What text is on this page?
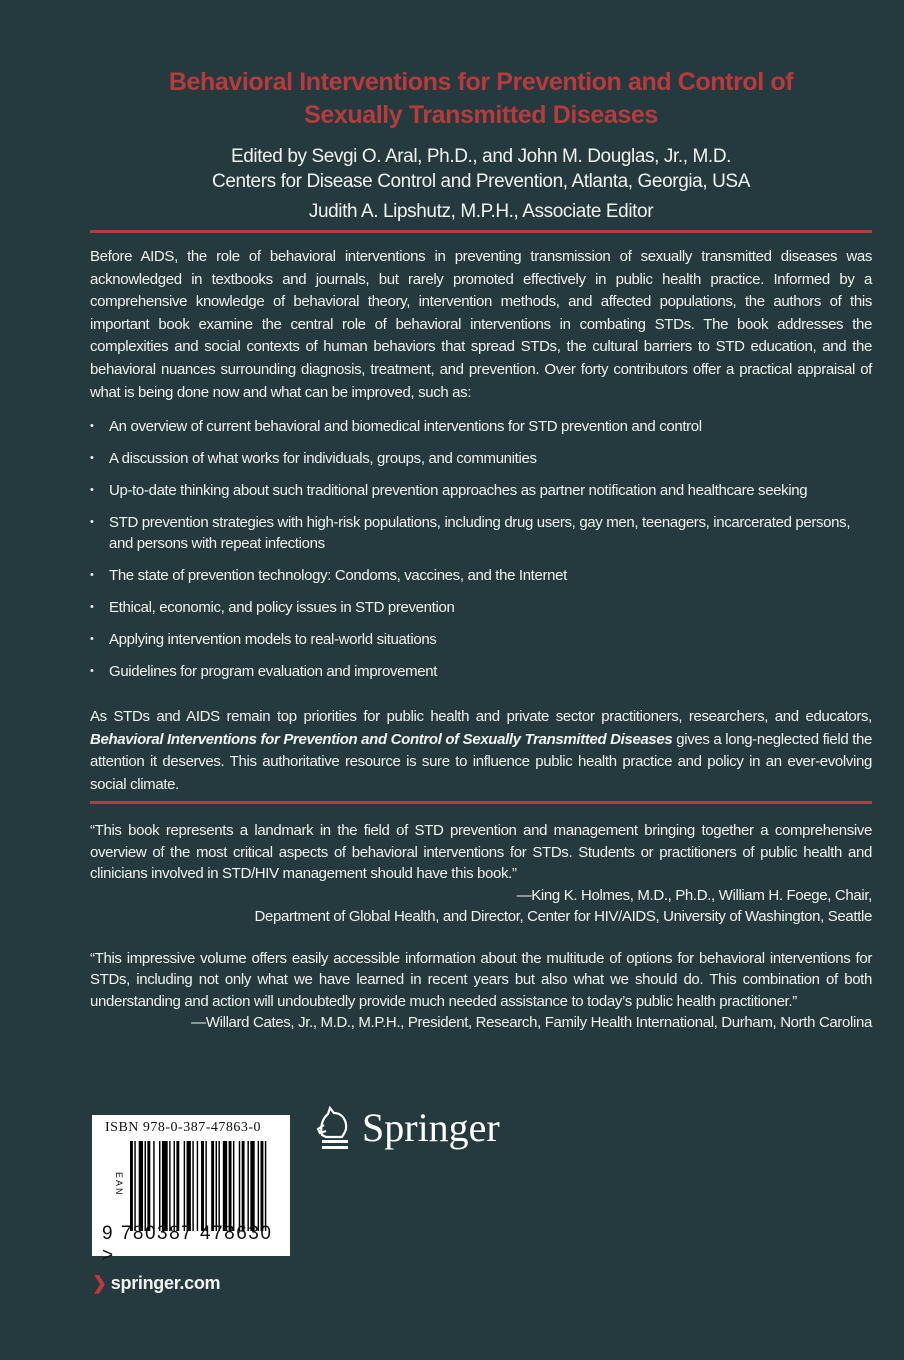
Behavioral Interventions for Prevention and Control of
Sexually Transmitted Diseases
Edited by Sevgi O. Aral, Ph.D., and John M. Douglas, Jr., M.D.
Centers for Disease Control and Prevention, Atlanta, Georgia, USA
Judith A. Lipshutz, M.P.H., Associate Editor
Before AIDS, the role of behavioral interventions in preventing transmission of sexually transmitted diseases was acknowledged in textbooks and journals, but rarely promoted effectively in public health practice. Informed by a comprehensive knowledge of behavioral theory, intervention methods, and affected populations, the authors of this important book examine the central role of behavioral interventions in combating STDs. The book addresses the complexities and social contexts of human behaviors that spread STDs, the cultural barriers to STD education, and the behavioral nuances surrounding diagnosis, treatment, and prevention. Over forty contributors offer a practical appraisal of what is being done now and what can be improved, such as:
• An overview of current behavioral and biomedical interventions for STD prevention and control
• A discussion of what works for individuals, groups, and communities
• Up-to-date thinking about such traditional prevention approaches as partner notification and healthcare seeking
• STD prevention strategies with high-risk populations, including drug users, gay men, teenagers, incarcerated persons, and persons with repeat infections
• The state of prevention technology: Condoms, vaccines, and the Internet
• Ethical, economic, and policy issues in STD prevention
• Applying intervention models to real-world situations
• Guidelines for program evaluation and improvement
As STDs and AIDS remain top priorities for public health and private sector practitioners, researchers, and educators, Behavioral Interventions for Prevention and Control of Sexually Transmitted Diseases gives a long-neglected field the attention it deserves. This authoritative resource is sure to influence public health practice and policy in an ever-evolving social climate.
“This book represents a landmark in the field of STD prevention and management bringing together a comprehensive overview of the most critical aspects of behavioral interventions for STDs. Students or practitioners of public health and clinicians involved in STD/HIV management should have this book.”
—King K. Holmes, M.D., Ph.D., William H. Foege, Chair,
Department of Global Health, and Director, Center for HIV/AIDS, University of Washington, Seattle
“This impressive volume offers easily accessible information about the multitude of options for behavioral interventions for STDs, including not only what we have learned in recent years but also what we should do. This combination of both understanding and action will undoubtedly provide much needed assistance to today’s public health practitioner.”
—Willard Cates, Jr., M.D., M.P.H., President, Research, Family Health International, Durham, North Carolina
ISBN 978-0-387-47863-0
EAN
9 780387 478630 >
Springer
❯ springer.com
